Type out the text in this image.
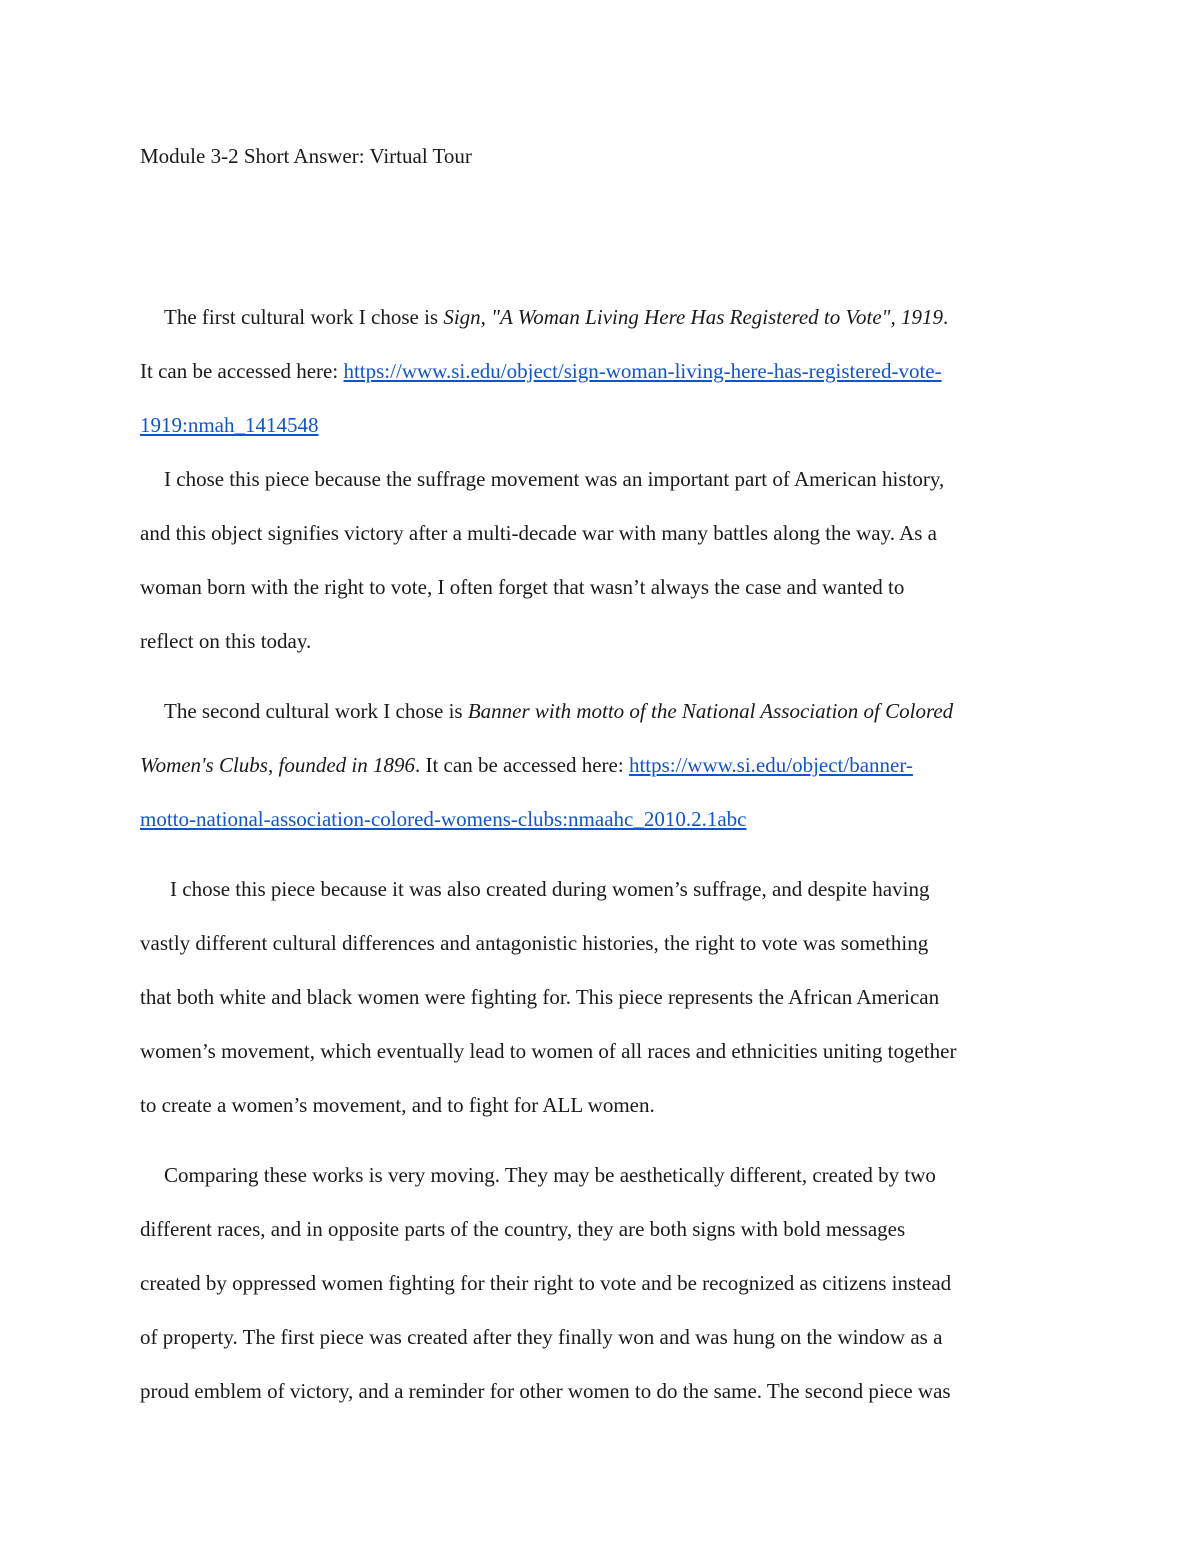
Module 3-2 Short Answer: Virtual Tour

The first cultural work I chose is Sign, "A Woman Living Here Has Registered to Vote", 1919.
It can be accessed here: https://www.si.edu/object/sign-woman-living-here-has-registered-vote-
1919:nmah_1414548
I chose this piece because the suffrage movement was an important part of American history,
and this object signifies victory after a multi-decade war with many battles along the way. As a
woman born with the right to vote, I often forget that wasn’t always the case and wanted to
reflect on this today.
The second cultural work I chose is Banner with motto of the National Association of Colored
Women's Clubs, founded in 1896. It can be accessed here: https://www.si.edu/object/banner-
motto-national-association-colored-womens-clubs:nmaahc_2010.2.1abc
I chose this piece because it was also created during women’s suffrage, and despite having
vastly different cultural differences and antagonistic histories, the right to vote was something
that both white and black women were fighting for. This piece represents the African American
women’s movement, which eventually lead to women of all races and ethnicities uniting together
to create a women’s movement, and to fight for ALL women.
Comparing these works is very moving. They may be aesthetically different, created by two
different races, and in opposite parts of the country, they are both signs with bold messages
created by oppressed women fighting for their right to vote and be recognized as citizens instead
of property. The first piece was created after they finally won and was hung on the window as a
proud emblem of victory, and a reminder for other women to do the same. The second piece was
